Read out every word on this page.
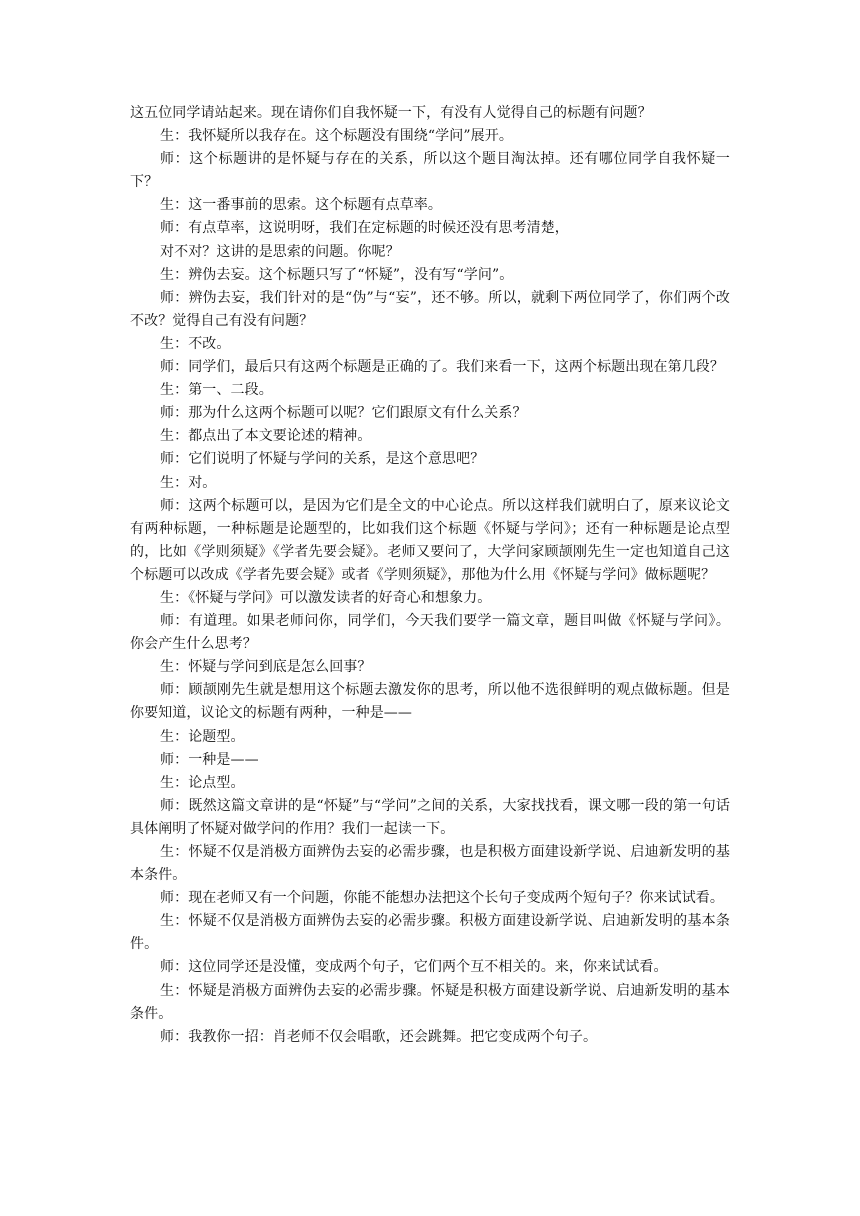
这五位同学请站起来。现在请你们自我怀疑一下，有没有人觉得自己的标题有问题？

生：我怀疑所以我存在。这个标题没有围绕“学问”展开。

师：这个标题讲的是怀疑与存在的关系，所以这个题目淘汰掉。还有哪位同学自我怀疑一下？

生：这一番事前的思索。这个标题有点草率。

师：有点草率，这说明呀，我们在定标题的时候还没有思考清楚，

对不对？这讲的是思索的问题。你呢？

生：辨伪去妄。这个标题只写了“怀疑”，没有写“学问”。

师：辨伪去妄，我们针对的是“伪”与“妄”，还不够。所以，就剩下两位同学了，你们两个改不改？觉得自己有没有问题？

生：不改。

师：同学们，最后只有这两个标题是正确的了。我们来看一下，这两个标题出现在第几段？

生：第一、二段。

师：那为什么这两个标题可以呢？它们跟原文有什么关系？

生：都点出了本文要论述的精神。

师：它们说明了怀疑与学问的关系，是这个意思吧？

生：对。

师：这两个标题可以，是因为它们是全文的中心论点。所以这样我们就明白了，原来议论文有两种标题，一种标题是论题型的，比如我们这个标题《怀疑与学问》；还有一种标题是论点型的，比如《学则须疑》《学者先要会疑》。老师又要问了，大学问家顾颉刚先生一定也知道自己这个标题可以改成《学者先要会疑》或者《学则须疑》，那他为什么用《怀疑与学问》做标题呢？

生：《怀疑与学问》可以激发读者的好奇心和想象力。

师：有道理。如果老师问你，同学们，今天我们要学一篇文章，题目叫做《怀疑与学问》。你会产生什么思考？

生：怀疑与学问到底是怎么回事？

师：顾颉刚先生就是想用这个标题去激发你的思考，所以他不选很鲜明的观点做标题。但是你要知道，议论文的标题有两种，一种是——

生：论题型。

师：一种是——

生：论点型。

师：既然这篇文章讲的是“怀疑”与“学问”之间的关系，大家找找看，课文哪一段的第一句话具体阐明了怀疑对做学问的作用？我们一起读一下。

生：怀疑不仅是消极方面辨伪去妄的必需步骤，也是积极方面建设新学说、启迪新发明的基本条件。

师：现在老师又有一个问题，你能不能想办法把这个长句子变成两个短句子？你来试试看。

生：怀疑不仅是消极方面辨伪去妄的必需步骤。积极方面建设新学说、启迪新发明的基本条件。

师：这位同学还是没懂，变成两个句子，它们两个互不相关的。来，你来试试看。

生：怀疑是消极方面辨伪去妄的必需步骤。怀疑是积极方面建设新学说、启迪新发明的基本条件。

师：我教你一招：肖老师不仅会唱歌，还会跳舞。把它变成两个句子。
